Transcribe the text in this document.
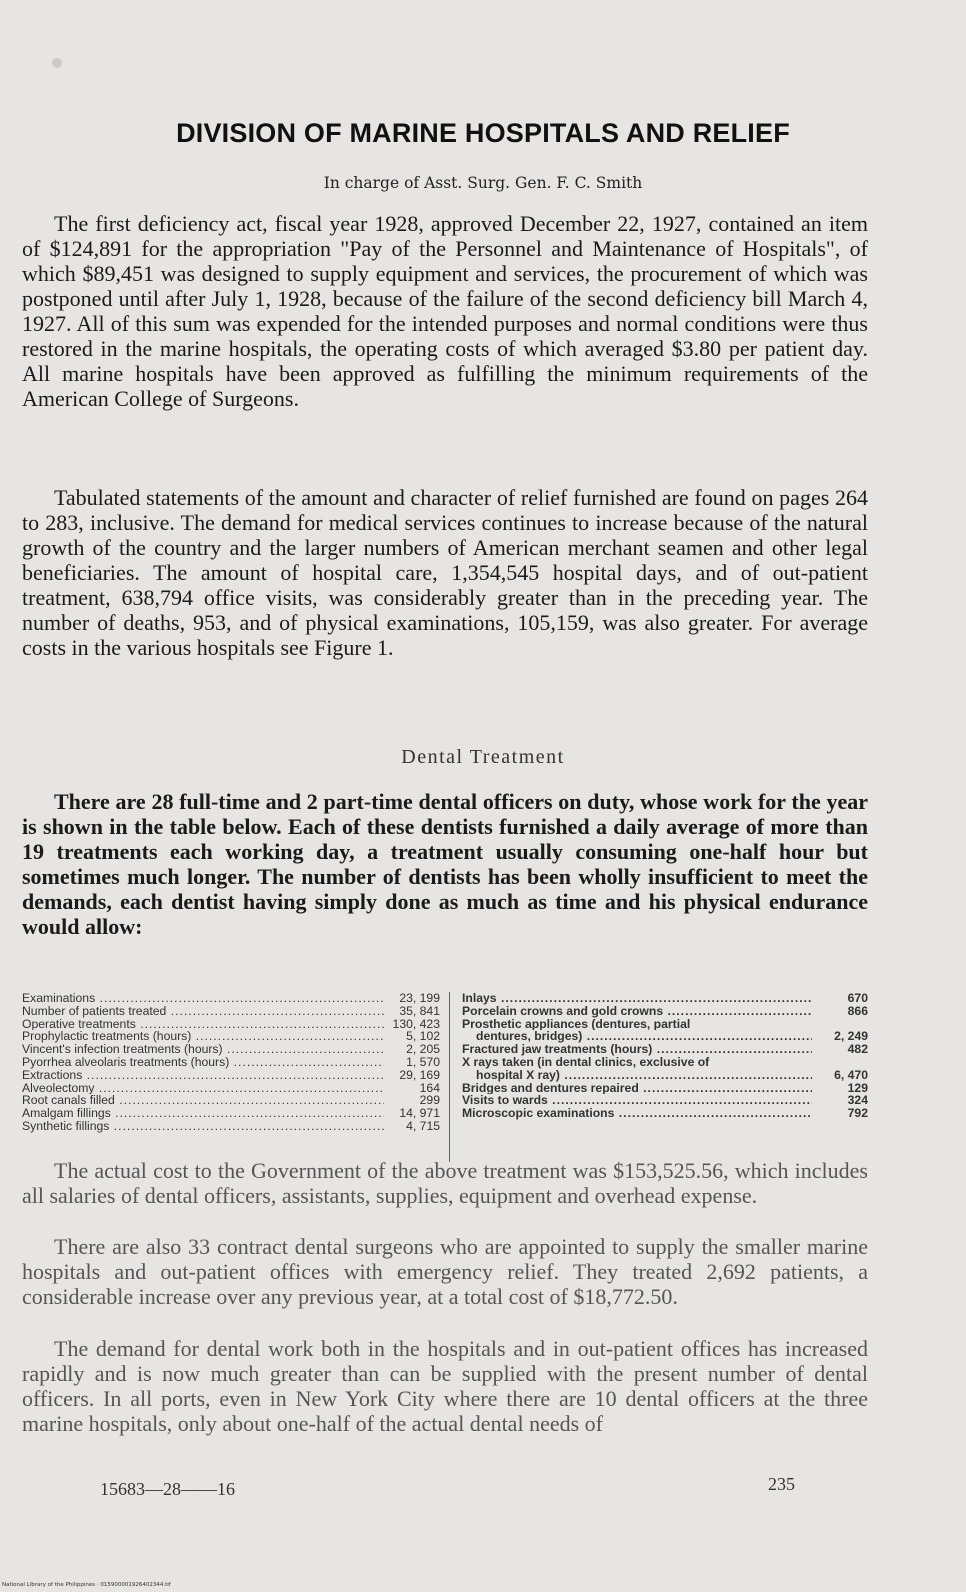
DIVISION OF MARINE HOSPITALS AND RELIEF
In charge of Asst. Surg. Gen. F. C. Smith

The first deficiency act, fiscal year 1928, approved December 22, 1927, contained an item of $124,891 for the appropriation "Pay of the Personnel and Maintenance of Hospitals", of which $89,451 was designed to supply equipment and services, the procurement of which was postponed until after July 1, 1928, because of the failure of the second deficiency bill March 4, 1927. All of this sum was expended for the intended purposes and normal conditions were thus restored in the marine hospitals, the operating costs of which averaged $3.80 per patient day. All marine hospitals have been approved as fulfilling the minimum requirements of the American College of Surgeons.

Tabulated statements of the amount and character of relief furnished are found on pages 264 to 283, inclusive. The demand for medical services continues to increase because of the natural growth of the country and the larger numbers of American merchant seamen and other legal beneficiaries. The amount of hospital care, 1,354,545 hospital days, and of out-patient treatment, 638,794 office visits, was considerably greater than in the preceding year. The number of deaths, 953, and of physical examinations, 105,159, was also greater. For average costs in the various hospitals see Figure 1.

Dental Treatment

There are 28 full-time and 2 part-time dental officers on duty, whose work for the year is shown in the table below. Each of these dentists furnished a daily average of more than 19 treatments each working day, a treatment usually consuming one-half hour but sometimes much longer. The number of dentists has been wholly insufficient to meet the demands, each dentist having simply done as much as time and his physical endurance would allow:

Examinations .....	23, 199
Number of patients treated .....	35, 841
Operative treatments .....	130, 423
Prophylactic treatments (hours) .....	5, 102
Vincent's infection treatments (hours) .....	2, 205
Pyorrhea alveolaris treatments (hours) .....	1, 570
Extractions .....	29, 169
Alveolectomy .....	164
Root canals filled .....	299
Amalgam fillings .....	14, 971
Synthetic fillings .....	4, 715
Inlays .....	670
Porcelain crowns and gold crowns .....	866
Prosthetic appliances (dentures, partial
dentures, bridges) .....	2, 249
Fractured jaw treatments (hours) .....	482
X rays taken (in dental clinics, exclusive of
hospital X ray) .....	6, 470
Bridges and dentures repaired .....	129
Visits to wards .....	324
Microscopic examinations .....	792

The actual cost to the Government of the above treatment was $153,525.56, which includes all salaries of dental officers, assistants, supplies, equipment and overhead expense.

There are also 33 contract dental surgeons who are appointed to supply the smaller marine hospitals and out-patient offices with emergency relief. They treated 2,692 patients, a considerable increase over any previous year, at a total cost of $18,772.50.

The demand for dental work both in the hospitals and in out-patient offices has increased rapidly and is now much greater than can be supplied with the present number of dental officers. In all ports, even in New York City where there are 10 dental officers at the three marine hospitals, only about one-half of the actual dental needs of

15683—28——16	235
National Library of the Philippines · 015900001926402344.tif
